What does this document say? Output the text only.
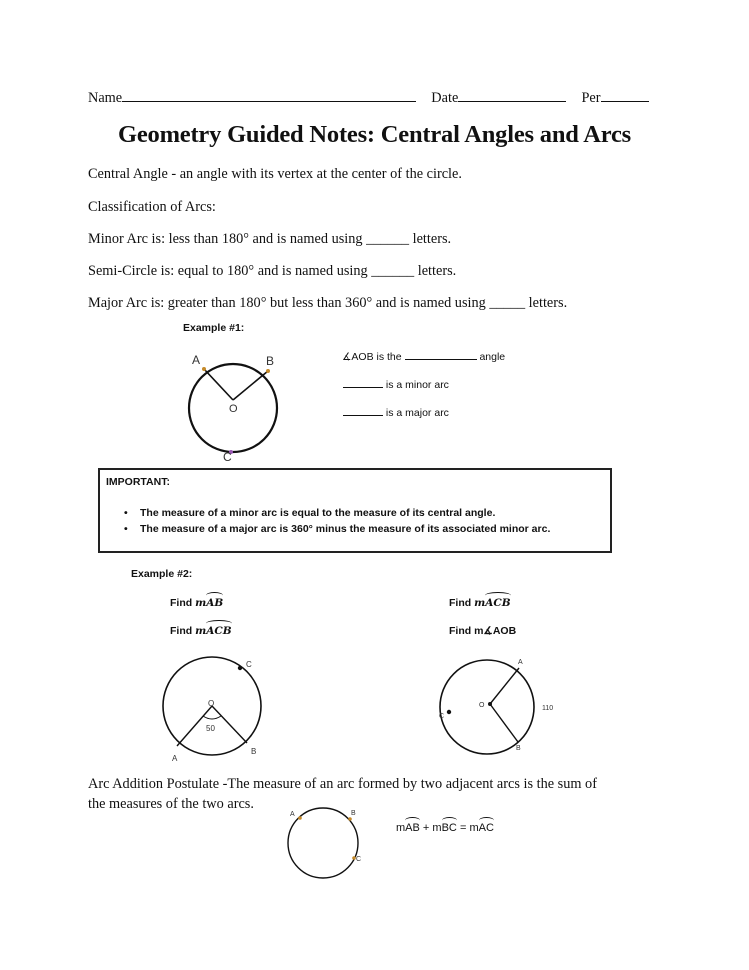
Name	Date	Per
Geometry Guided Notes: Central Angles and Arcs
Central Angle - an angle with its vertex at the center of the circle.
Classification of Arcs:
Minor Arc is: less than 180° and is named using ______ letters.
Semi-Circle is: equal to 180° and is named using ______ letters.
Major Arc is: greater than 180° but less than 360° and is named using _____ letters.
Example #1:
A	B
O
C
∡AOB is the	angle
is a minor arc
is a major arc
IMPORTANT:
• The measure of a minor arc is equal to the measure of its central angle.
• The measure of a major arc is 360° minus the measure of its associated minor arc.
Example #2:
Find mAB
Find mACB
Find mACB
Find m∡AOB
O
C
50
A
B
A
O	110
C
B
Arc Addition Postulate -The measure of an arc formed by two adjacent arcs is the sum of
the measures of the two arcs.
A	B
C
mAB + mBC = mAC
